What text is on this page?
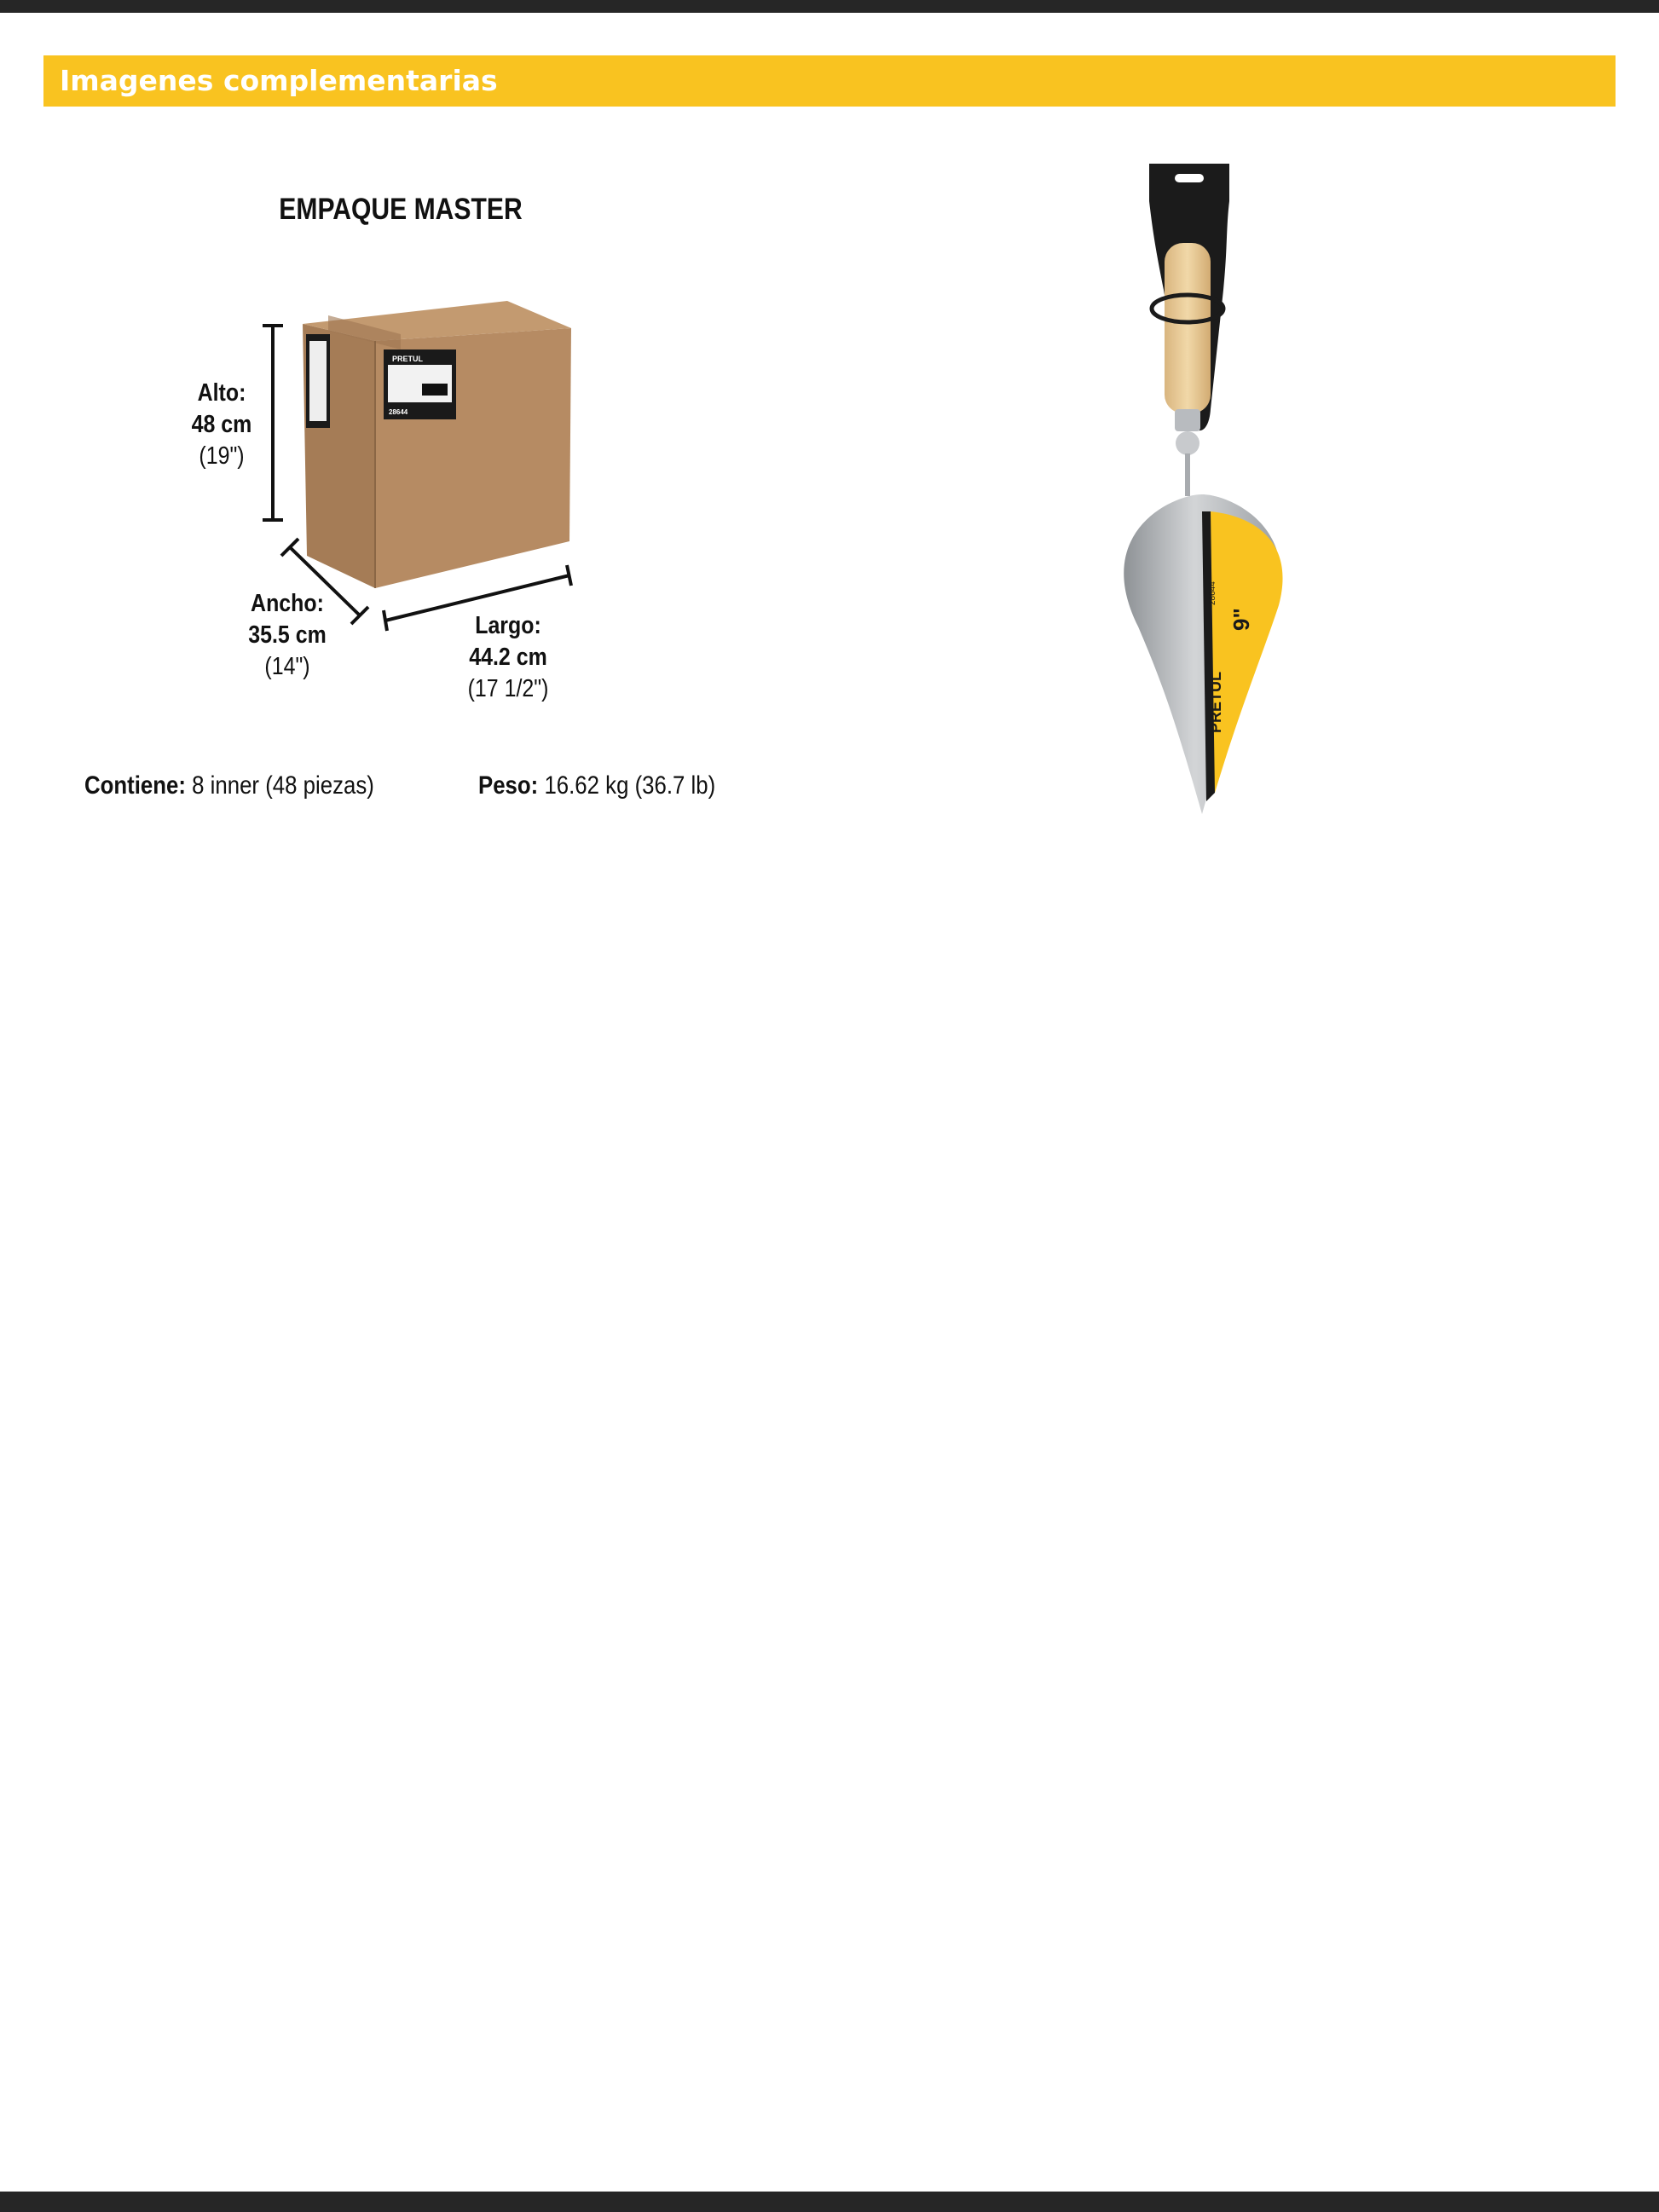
Imagenes complementarias
EMPAQUE MASTER
PRETUL
28644
Alto:
48 cm
(19")
Ancho:
35.5 cm
(14")
Largo:
44.2 cm
(17 1/2")
Contiene: 8 inner (48 piezas)	Peso: 16.62 kg (36.7 lb)
PRETUL
9"
28644
